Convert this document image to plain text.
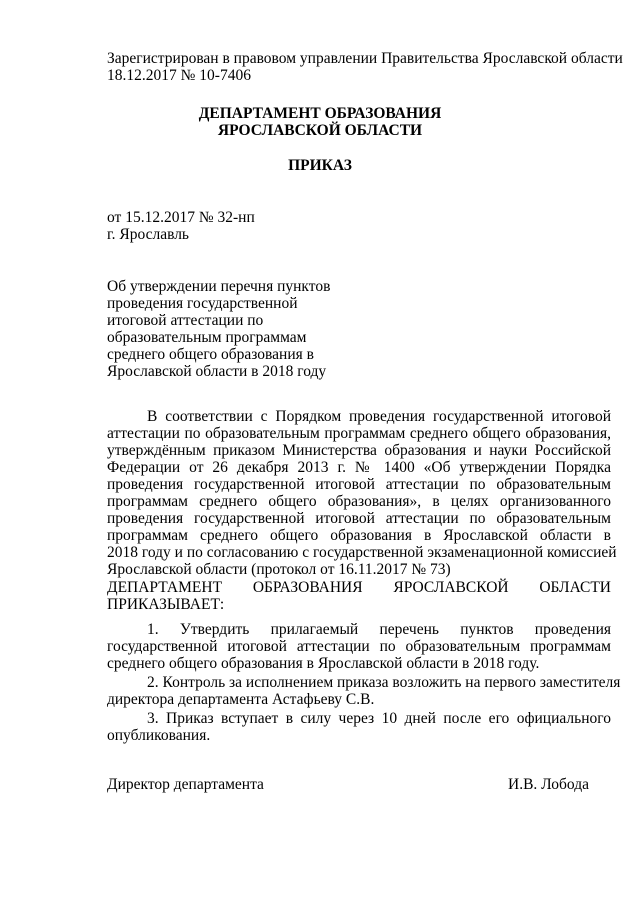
Зарегистрирован в правовом управлении Правительства Ярославской области
18.12.2017 № 10-7406
ДЕПАРТАМЕНТ ОБРАЗОВАНИЯ
ЯРОСЛАВСКОЙ ОБЛАСТИ
ПРИКАЗ
от 15.12.2017 № 32-нп
г. Ярославль
Об утверждении перечня пунктов
проведения государственной
итоговой аттестации по
образовательным программам
среднего общего образования в
Ярославской области в 2018 году
В соответствии с Порядком проведения государственной итоговой
аттестации по образовательным программам среднего общего образования,
утверждённым приказом Министерства образования и науки Российской
Федерации от 26 декабря 2013 г. № 1400 «Об утверждении Порядка
проведения государственной итоговой аттестации по образовательным
программам среднего общего образования», в целях организованного
проведения государственной итоговой аттестации по образовательным
программам среднего общего образования в Ярославской области в
2018 году и по согласованию с государственной экзаменационной комиссией
Ярославской области (протокол от 16.11.2017 № 73)
ДЕПАРТАМЕНТ ОБРАЗОВАНИЯ ЯРОСЛАВСКОЙ ОБЛАСТИ
ПРИКАЗЫВАЕТ:
1. Утвердить прилагаемый перечень пунктов проведения
государственной итоговой аттестации по образовательным программам
среднего общего образования в Ярославской области в 2018 году.
2. Контроль за исполнением приказа возложить на первого заместителя
директора департамента Астафьеву С.В.
3. Приказ вступает в силу через 10 дней после его официального
опубликования.
Директор департамента	И.В. Лобода
